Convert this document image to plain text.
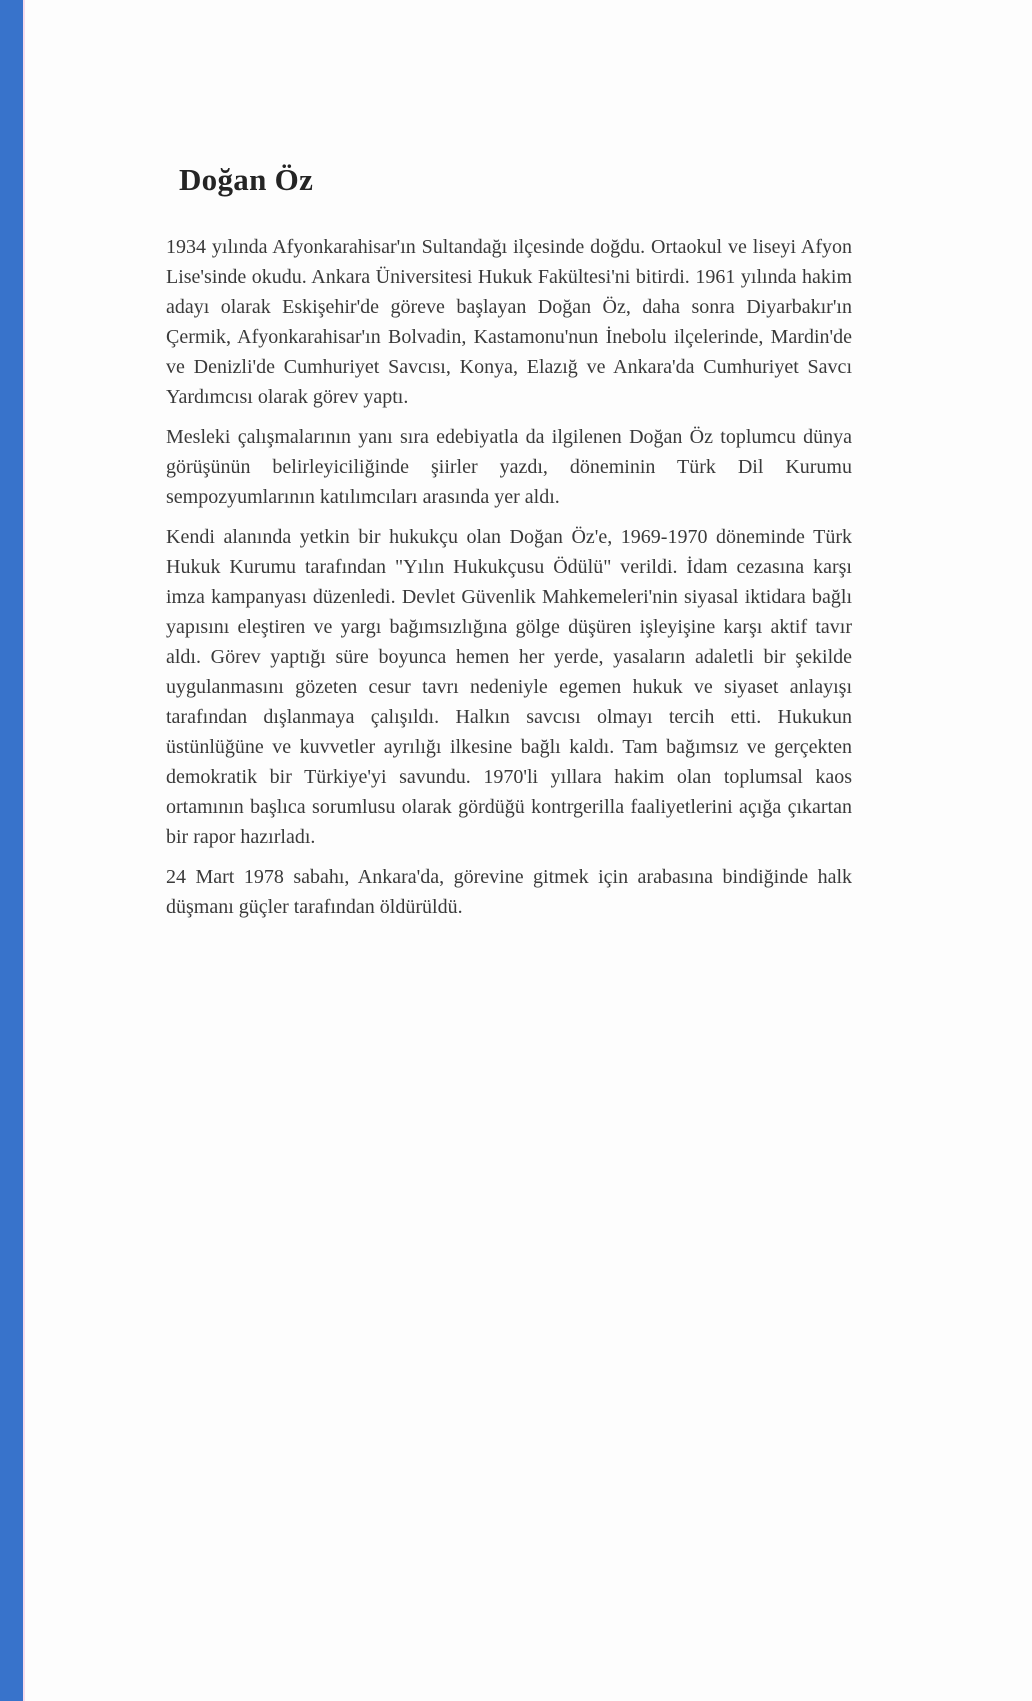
Doğan Öz

1934 yılında Afyonkarahisar'ın Sultandağı ilçesinde doğdu. Ortaokul ve liseyi Afyon Lise'sinde okudu. Ankara Üniversitesi Hukuk Fakültesi'ni bitirdi. 1961 yılında hakim adayı olarak Eskişehir'de göreve başlayan Doğan Öz, daha sonra Diyarbakır'ın Çermik, Afyonkarahisar'ın Bolvadin, Kastamonu'nun İnebolu ilçelerinde, Mardin'de ve Denizli'de Cumhuriyet Savcısı, Konya, Elazığ ve Ankara'da Cumhuriyet Savcı Yardımcısı olarak görev yaptı.

Mesleki çalışmalarının yanı sıra edebiyatla da ilgilenen Doğan Öz toplumcu dünya görüşünün belirleyiciliğinde şiirler yazdı, döneminin Türk Dil Kurumu sempozyumlarının katılımcıları arasında yer aldı.

Kendi alanında yetkin bir hukukçu olan Doğan Öz'e, 1969-1970 döneminde Türk Hukuk Kurumu tarafından "Yılın Hukukçusu Ödülü" verildi. İdam cezasına karşı imza kampanyası düzenledi. Devlet Güvenlik Mahkemeleri'nin siyasal iktidara bağlı yapısını eleştiren ve yargı bağımsızlığına gölge düşüren işleyişine karşı aktif tavır aldı. Görev yaptığı süre boyunca hemen her yerde, yasaların adaletli bir şekilde uygulanmasını gözeten cesur tavrı nedeniyle egemen hukuk ve siyaset anlayışı tarafından dışlanmaya çalışıldı. Halkın savcısı olmayı tercih etti. Hukukun üstünlüğüne ve kuvvetler ayrılığı ilkesine bağlı kaldı. Tam bağımsız ve gerçekten demokratik bir Türkiye'yi savundu. 1970'li yıllara hakim olan toplumsal kaos ortamının başlıca sorumlusu olarak gördüğü kontrgerilla faaliyetlerini açığa çıkartan bir rapor hazırladı.

24 Mart 1978 sabahı, Ankara'da, görevine gitmek için arabasına bindiğinde halk düşmanı güçler tarafından öldürüldü.
